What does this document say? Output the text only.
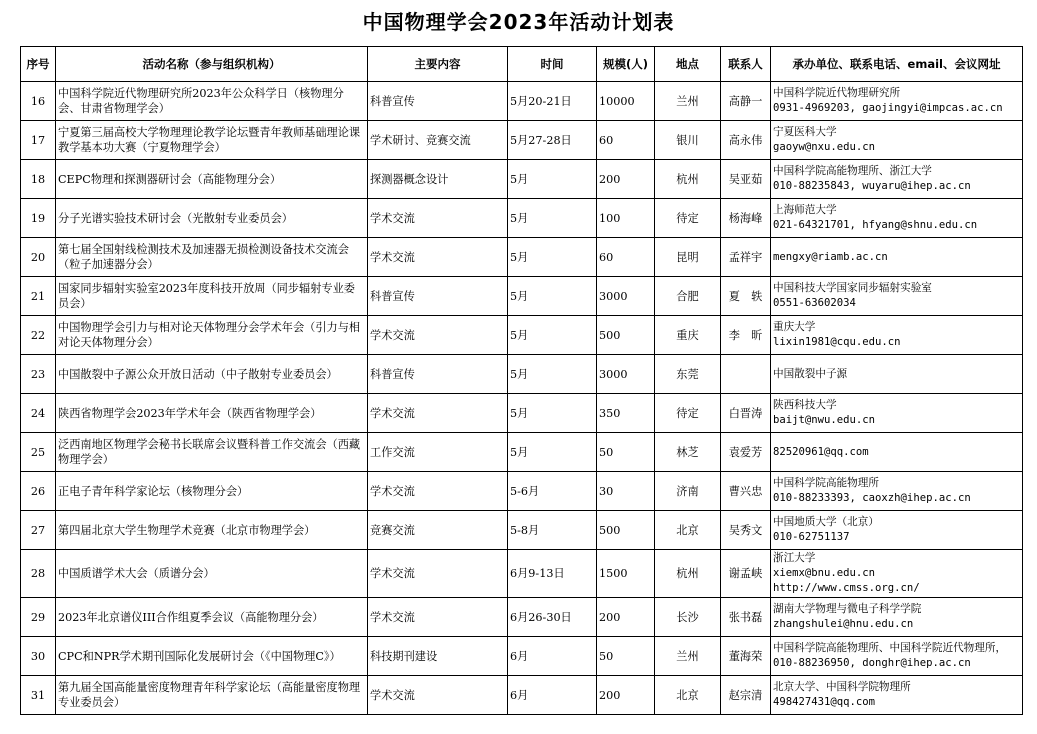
中国物理学会2023年活动计划表
序号	活动名称（参与组织机构）	主要内容	时间	规模(人)	地点	联系人	承办单位、联系电话、email、会议网址
16	中国科学院近代物理研究所2023年公众科学日（核物理分会、甘肃省物理学会）	科普宣传	5月20-21日	10000	兰州	高静一	中国科学院近代物理研究所
0931-4969203, gaojingyi@impcas.ac.cn

17	宁夏第三届高校大学物理理论教学论坛暨青年教师基础理论课教学基本功大赛（宁夏物理学会）	学术研讨、竞赛交流	5月27-28日	60	银川	高永伟	宁夏医科大学
gaoyw@nxu.edu.cn

18	CEPC物理和探测器研讨会（高能物理分会）	探测器概念设计	5月	200	杭州	吴亚茹	中国科学院高能物理所、浙江大学
010-88235843, wuyaru@ihep.ac.cn

19	分子光谱实验技术研讨会（光散射专业委员会）	学术交流	5月	100	待定	杨海峰	上海师范大学
021-64321701, hfyang@shnu.edu.cn

20	第七届全国射线检测技术及加速器无损检测设备技术交流会（粒子加速器分会）	学术交流	5月	60	昆明	孟祥宇	mengxy@riamb.ac.cn

21	国家同步辐射实验室2023年度科技开放周（同步辐射专业委员会）	科普宣传	5月	3000	合肥	夏　轶	中国科技大学国家同步辐射实验室
0551-63602034

22	中国物理学会引力与相对论天体物理分会学术年会（引力与相对论天体物理分会）	学术交流	5月	500	重庆	李　昕	重庆大学
lixin1981@cqu.edu.cn

23	中国散裂中子源公众开放日活动（中子散射专业委员会）	科普宣传	5月	3000	东莞		中国散裂中子源

24	陕西省物理学会2023年学术年会（陕西省物理学会）	学术交流	5月	350	待定	白晋涛	陕西科技大学
baijt@nwu.edu.cn

25	泛西南地区物理学会秘书长联席会议暨科普工作交流会（西藏物理学会）	工作交流	5月	50	林芝	袁爱芳	82520961@qq.com

26	正电子青年科学家论坛（核物理分会）	学术交流	5-6月	30	济南	曹兴忠	中国科学院高能物理所
010-88233393, caoxzh@ihep.ac.cn

27	第四届北京大学生物理学术竞赛（北京市物理学会）	竞赛交流	5-8月	500	北京	吴秀文	中国地质大学（北京）
010-62751137

28	中国质谱学术大会（质谱分会）	学术交流	6月9-13日	1500	杭州	谢孟峡	浙江大学
xiemx@bnu.edu.cn
http://www.cmss.org.cn/

29	2023年北京谱仪III合作组夏季会议（高能物理分会）	学术交流	6月26-30日	200	长沙	张书磊	湖南大学物理与微电子科学学院
zhangshulei@hnu.edu.cn

30	CPC和NPR学术期刊国际化发展研讨会（《中国物理C》）	科技期刊建设	6月	50	兰州	董海荣	中国科学院高能物理所、中国科学院近代物理所，010-88236950, donghr@ihep.ac.cn

31	第九届全国高能量密度物理青年科学家论坛（高能量密度物理专业委员会）	学术交流	6月	200	北京	赵宗清	北京大学、中国科学院物理所
498427431@qq.com
